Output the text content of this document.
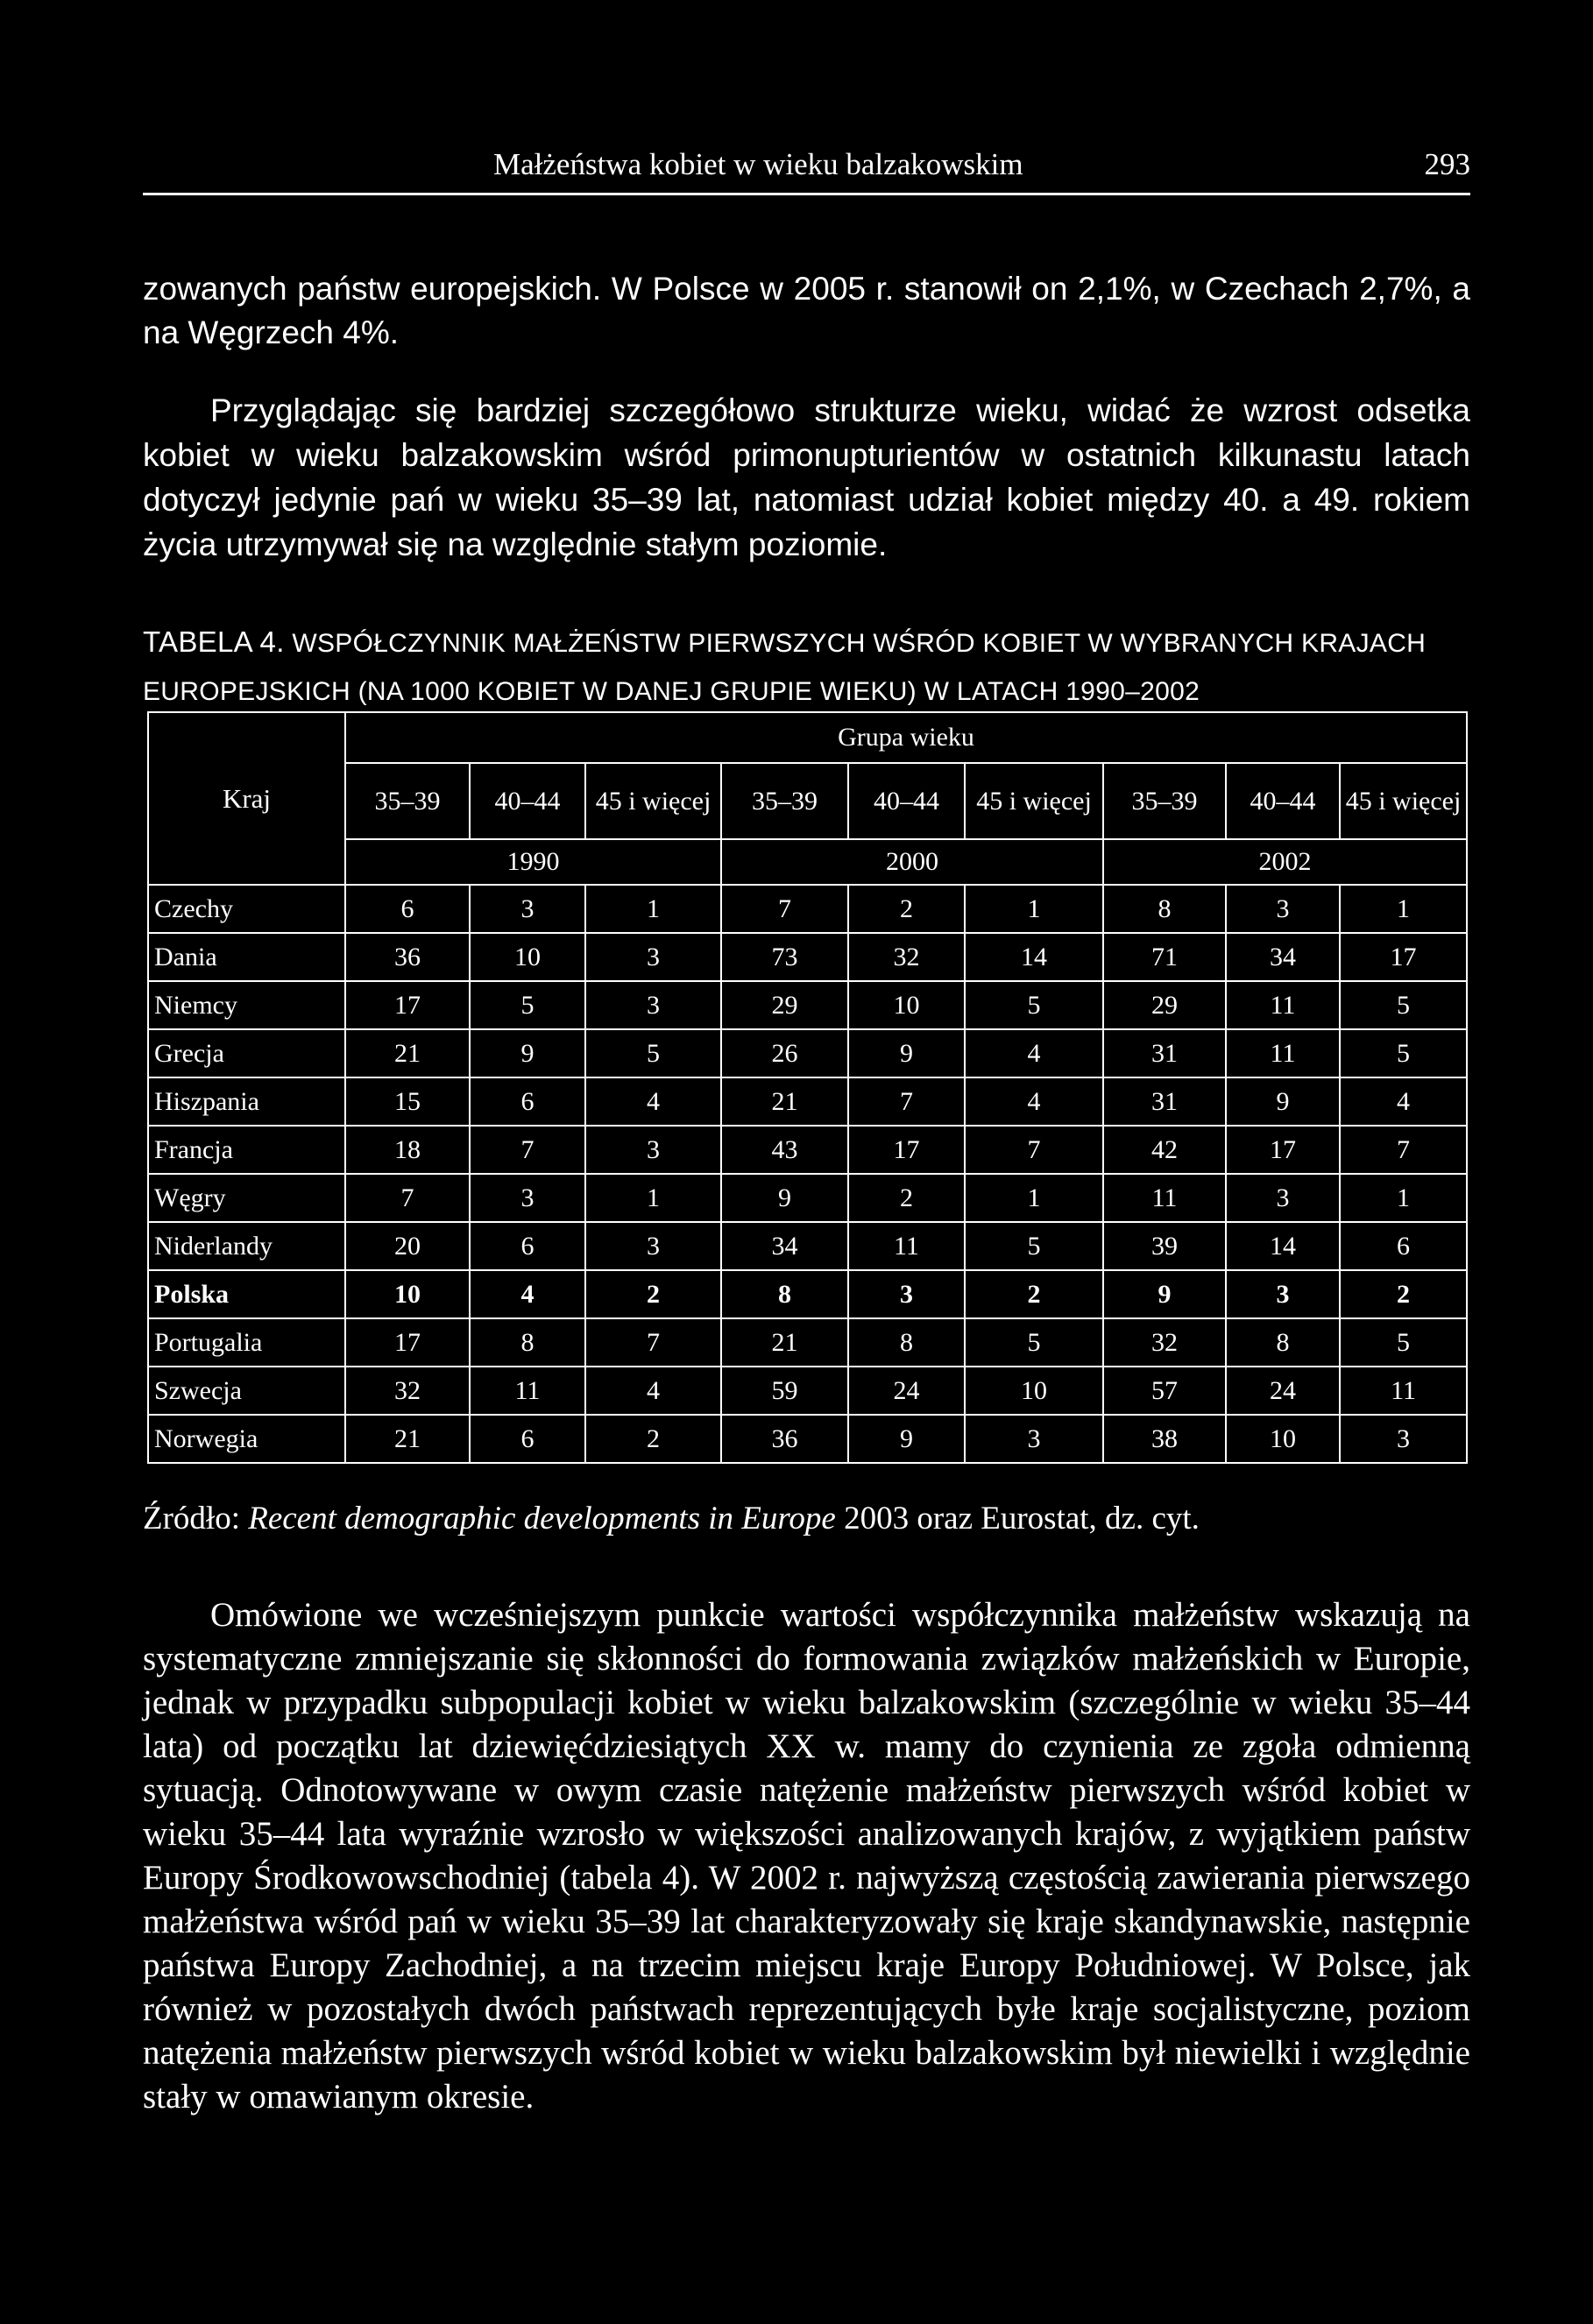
Małżeństwa kobiet w wieku balzakowskim	293

zowanych państw europejskich. W Polsce w 2005 r. stanowił on 2,1%, w Czechach 2,7%, a na Węgrzech 4%.

Przyglądając się bardziej szczegółowo strukturze wieku, widać że wzrost odsetka kobiet w wieku balzakowskim wśród primonupturientów w ostatnich kilkunastu latach dotyczył jedynie pań w wieku 35–39 lat, natomiast udział kobiet między 40. a 49. rokiem życia utrzymywał się na względnie stałym poziomie.

TABELA 4. WSPÓŁCZYNNIK MAŁŻEŃSTW PIERWSZYCH WŚRÓD KOBIET W WYBRANYCH KRAJACH EUROPEJSKICH (NA 1000 KOBIET W DANEJ GRUPIE WIEKU) W LATACH 1990–2002

Kraj	Grupa wieku								
	35–39	40–44	45 i więcej	35–39	40–44	45 i więcej	35–39	40–44	45 i więcej
	1990			2000			2002		
Czechy	6	3	1	7	2	1	8	3	1
Dania	36	10	3	73	32	14	71	34	17
Niemcy	17	5	3	29	10	5	29	11	5
Grecja	21	9	5	26	9	4	31	11	5
Hiszpania	15	6	4	21	7	4	31	9	4
Francja	18	7	3	43	17	7	42	17	7
Węgry	7	3	1	9	2	1	11	3	1
Niderlandy	20	6	3	34	11	5	39	14	6
Polska	10	4	2	8	3	2	9	3	2
Portugalia	17	8	7	21	8	5	32	8	5
Szwecja	32	11	4	59	24	10	57	24	11
Norwegia	21	6	2	36	9	3	38	10	3

Źródło: Recent demographic developments in Europe 2003 oraz Eurostat, dz. cyt.

Omówione we wcześniejszym punkcie wartości współczynnika małżeństw wskazują na systematyczne zmniejszanie się skłonności do formowania związków małżeńskich w Europie, jednak w przypadku subpopulacji kobiet w wieku balzakowskim (szczególnie w wieku 35–44 lata) od początku lat dziewięćdziesiątych XX w. mamy do czynienia ze zgoła odmienną sytuacją. Odnotowywane w owym czasie natężenie małżeństw pierwszych wśród kobiet w wieku 35–44 lata wyraźnie wzrosło w większości analizowanych krajów, z wyjątkiem państw Europy Środkowowschodniej (tabela 4). W 2002 r. najwyższą częstością zawierania pierwszego małżeństwa wśród pań w wieku 35–39 lat charakteryzowały się kraje skandynawskie, następnie państwa Europy Zachodniej, a na trzecim miejscu kraje Europy Południowej. W Polsce, jak również w pozostałych dwóch państwach reprezentujących byłe kraje socjalistyczne, poziom natężenia małżeństw pierwszych wśród kobiet w wieku balzakowskim był niewielki i względnie stały w omawianym okresie.
